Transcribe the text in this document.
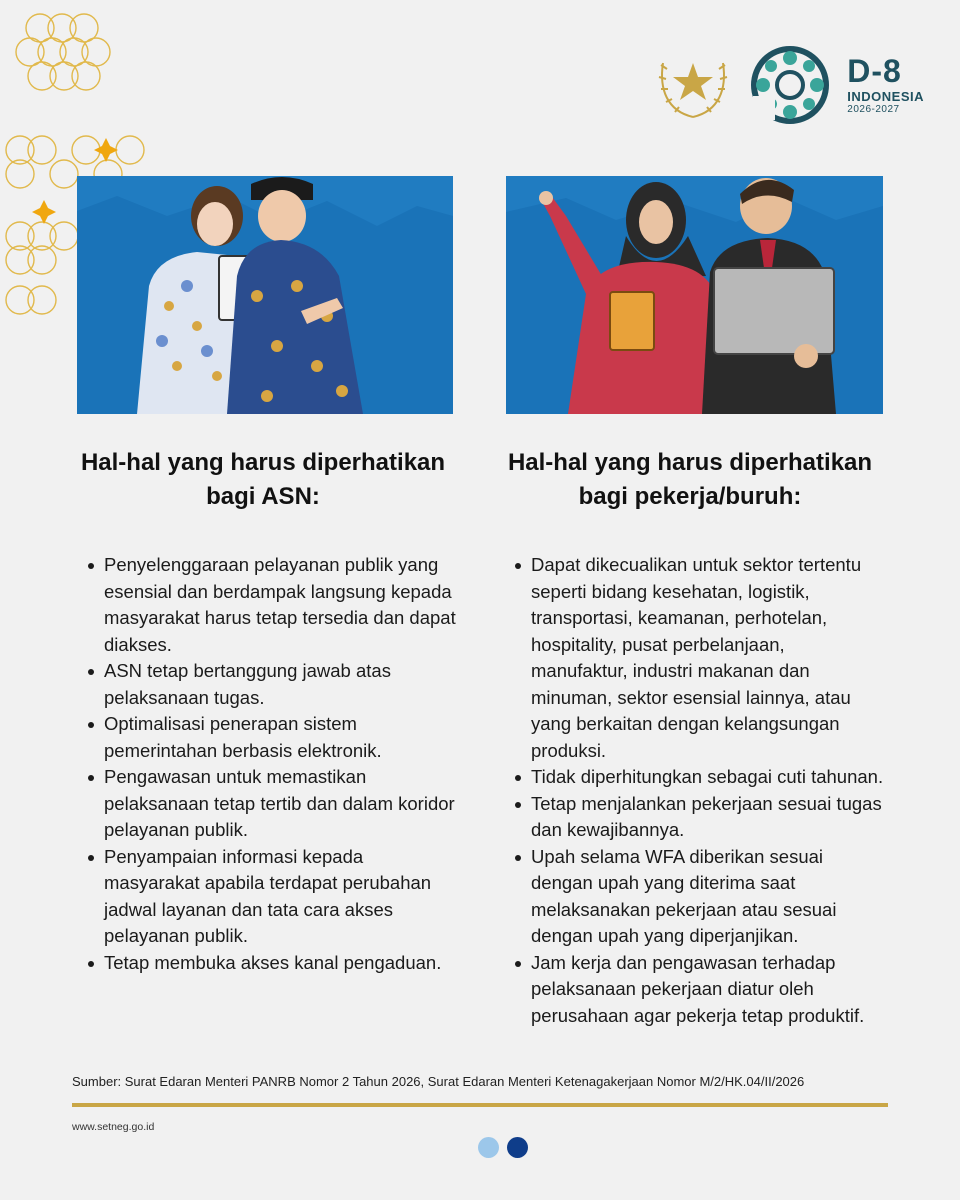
D-8
INDONESIA
2026-2027
Hal-hal yang harus diperhatikan
bagi ASN:
Penyelenggaraan pelayanan publik yang esensial dan berdampak langsung kepada masyarakat harus tetap tersedia dan dapat diakses.
ASN tetap bertanggung jawab atas pelaksanaan tugas.
Optimalisasi penerapan sistem pemerintahan berbasis elektronik.
Pengawasan untuk memastikan pelaksanaan tetap tertib dan dalam koridor pelayanan publik.
Penyampaian informasi kepada masyarakat apabila terdapat perubahan jadwal layanan dan tata cara akses pelayanan publik.
Tetap membuka akses kanal pengaduan.
Hal-hal yang harus diperhatikan
bagi pekerja/buruh:
Dapat dikecualikan untuk sektor tertentu seperti bidang kesehatan, logistik, transportasi, keamanan, perhotelan, hospitality, pusat perbelanjaan, manufaktur, industri makanan dan minuman, sektor esensial lainnya, atau yang berkaitan dengan kelangsungan produksi.
Tidak diperhitungkan sebagai cuti tahunan.
Tetap menjalankan pekerjaan sesuai tugas dan kewajibannya.
Upah selama WFA diberikan sesuai dengan upah yang diterima saat melaksanakan pekerjaan atau sesuai dengan upah yang diperjanjikan.
Jam kerja dan pengawasan terhadap pelaksanaan pekerjaan diatur oleh perusahaan agar pekerja tetap produktif.
Sumber: Surat Edaran Menteri PANRB Nomor 2 Tahun 2026, Surat Edaran Menteri Ketenagakerjaan Nomor M/2/HK.04/II/2026
www.setneg.go.id
